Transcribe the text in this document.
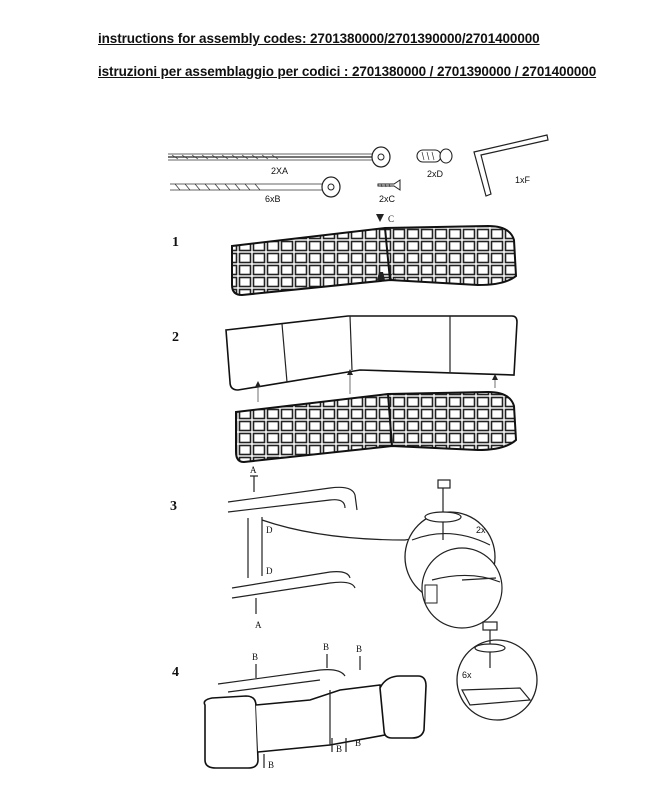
instructions for assembly codes: 2701380000/2701390000/2701400000
istruzioni per assemblaggio per codici : 2701380000 / 2701390000 / 2701400000
2XA
6xB	2xC
2xD
1xF
1
C
C
2
3
A
D
D
A
2x
4
B
B	B
B
B
B
6x
